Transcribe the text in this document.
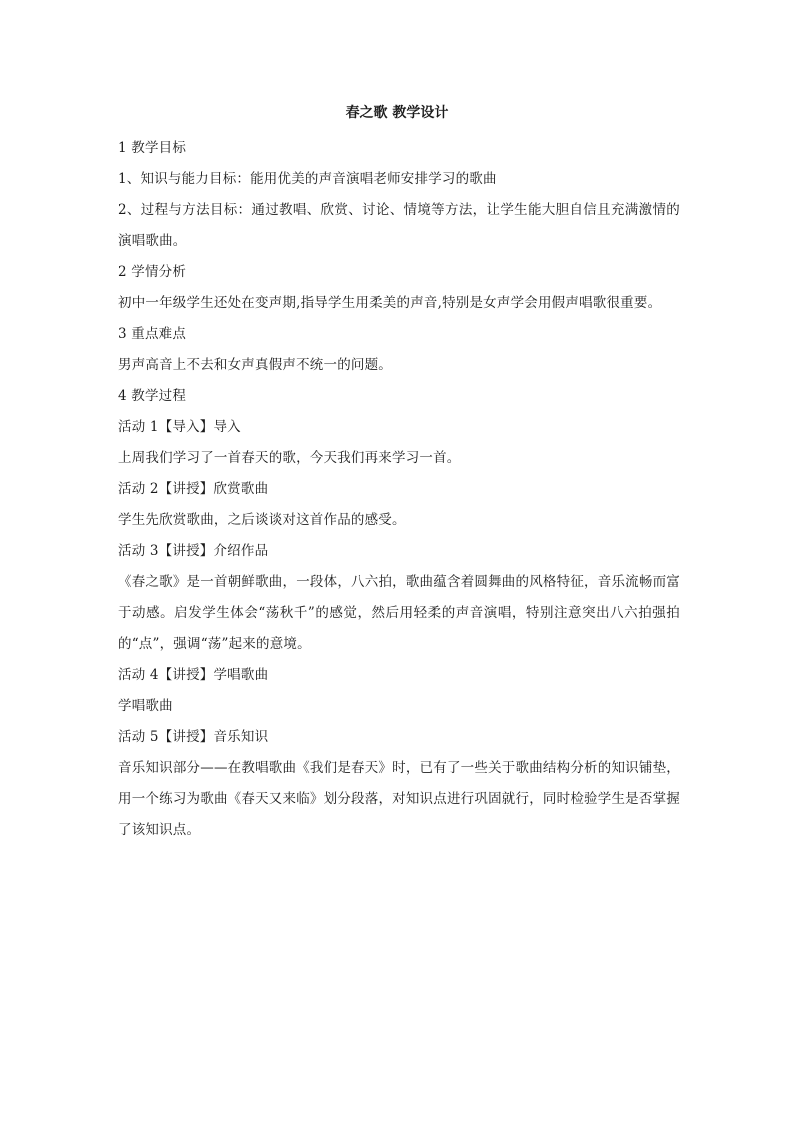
春之歌 教学设计

1 教学目标

1、知识与能力目标：能用优美的声音演唱老师安排学习的歌曲

2、过程与方法目标：通过教唱、欣赏、讨论、情境等方法，让学生能大胆自信且充满激情的演唱歌曲。

2 学情分析

初中一年级学生还处在变声期,指导学生用柔美的声音,特别是女声学会用假声唱歌很重要。

3 重点难点

男声高音上不去和女声真假声不统一的问题。

4 教学过程

活动 1【导入】导入

上周我们学习了一首春天的歌，今天我们再来学习一首。

活动 2【讲授】欣赏歌曲

学生先欣赏歌曲，之后谈谈对这首作品的感受。

活动 3【讲授】介绍作品

《春之歌》是一首朝鲜歌曲，一段体，八六拍，歌曲蕴含着圆舞曲的风格特征，音乐流畅而富于动感。启发学生体会“荡秋千”的感觉，然后用轻柔的声音演唱，特别注意突出八六拍强拍的“点”，强调“荡”起来的意境。

活动 4【讲授】学唱歌曲

学唱歌曲

活动 5【讲授】音乐知识

音乐知识部分——在教唱歌曲《我们是春天》时，已有了一些关于歌曲结构分析的知识铺垫，用一个练习为歌曲《春天又来临》划分段落，对知识点进行巩固就行，同时检验学生是否掌握了该知识点。
